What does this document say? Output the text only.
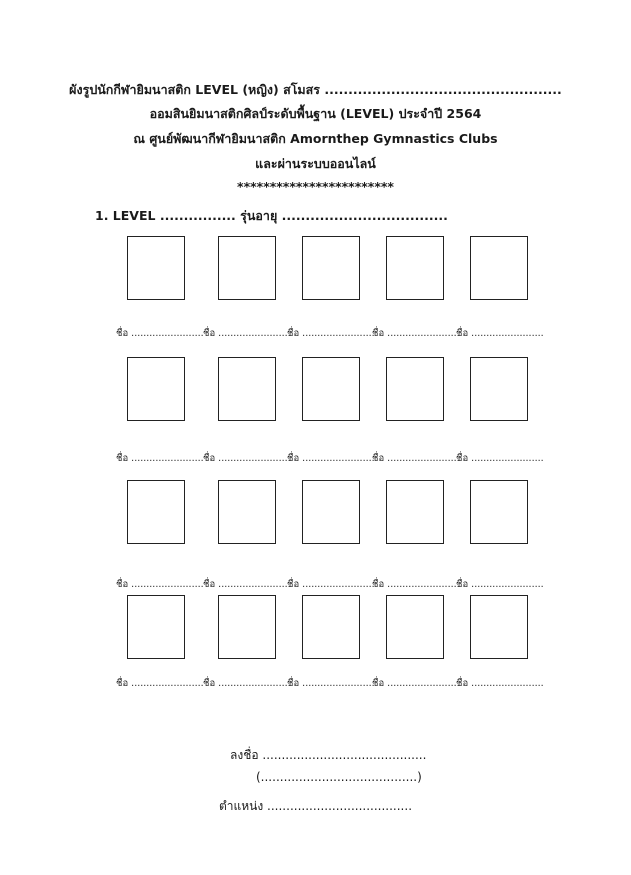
ผังรูปนักกีฬายิมนาสติก LEVEL (หญิง) สโมสร ..................................................
ออมสินยิมนาสติกศิลป์ระดับพื้นฐาน (LEVEL) ประจำปี 2564
ณ ศูนย์พัฒนากีฬายิมนาสติก Amornthep Gymnastics Clubs
และผ่านระบบออนไลน์
************************
1. LEVEL ................ รุ่นอายุ ...................................
ชื่อ ........................ ชื่อ ........................
ชื่อ ........................
ชื่อ ........................
ชื่อ ........................
ชื่อ ........................ ชื่อ ........................
ชื่อ ........................
ชื่อ ........................
ชื่อ ........................
ชื่อ ........................ ชื่อ ........................
ชื่อ ........................
ชื่อ ........................
ชื่อ ........................
ชื่อ ........................ ชื่อ ........................
ชื่อ ........................
ชื่อ ........................
ชื่อ ........................
ลงชื่อ ...........................................
(.........................................)
ตำแหน่ง ......................................
